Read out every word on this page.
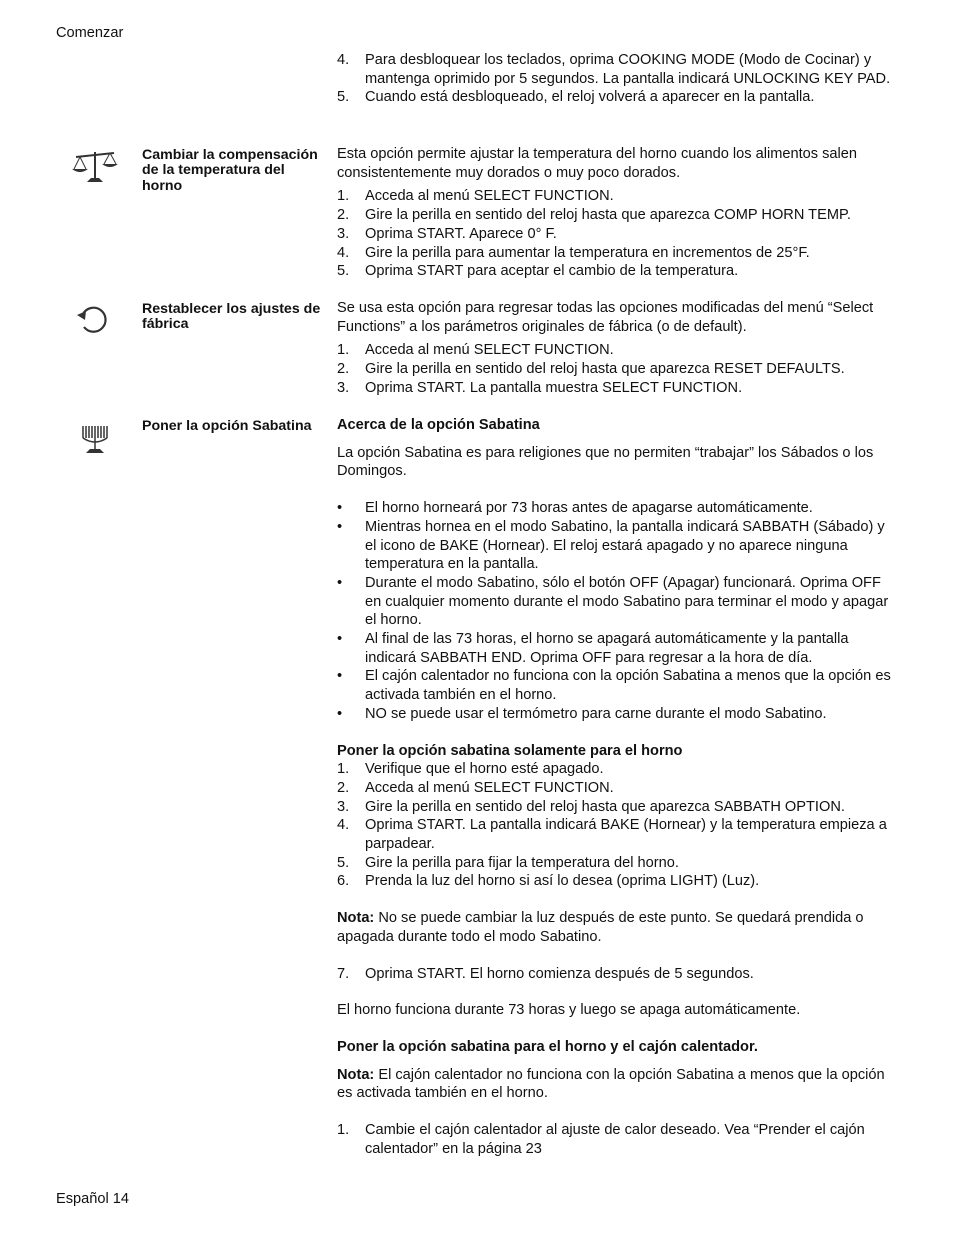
Comenzar
4. Para desbloquear los teclados, oprima COOKING MODE (Modo de Cocinar) y mantenga oprimido por 5 segundos. La pantalla indicará UNLOCKING KEY PAD.
5. Cuando está desbloqueado, el reloj volverá a aparecer en la pantalla.
Cambiar la compensación de la temperatura del horno

Esta opción permite ajustar la temperatura del horno cuando los alimentos salen consistentemente muy dorados o muy poco dorados.

1. Acceda al menú SELECT FUNCTION.
2. Gire la perilla en sentido del reloj hasta que aparezca COMP HORN TEMP.
3. Oprima START. Aparece 0° F.
4. Gire la perilla para aumentar la temperatura en incrementos de 25°F.
5. Oprima START para aceptar el cambio de la temperatura.
Restablecer los ajustes de fábrica

Se usa esta opción para regresar todas las opciones modificadas del menú “Select Functions” a los parámetros originales de fábrica (o de default).

1. Acceda al menú SELECT FUNCTION.
2. Gire la perilla en sentido del reloj hasta que aparezca RESET DEFAULTS.
3. Oprima START. La pantalla muestra SELECT FUNCTION.
Poner la opción Sabatina	Acerca de la opción Sabatina

La opción Sabatina es para religiones que no permiten “trabajar” los Sábados o los Domingos.

• El horno horneará por 73 horas antes de apagarse automáticamente.
• Mientras hornea en el modo Sabatino, la pantalla indicará SABBATH (Sábado) y el icono de BAKE (Hornear). El reloj estará apagado y no aparece ninguna temperatura en la pantalla.
• Durante el modo Sabatino, sólo el botón OFF (Apagar) funcionará. Oprima OFF en cualquier momento durante el modo Sabatino para terminar el modo y apagar el horno.
• Al final de las 73 horas, el horno se apagará automáticamente y la pantalla indicará SABBATH END. Oprima OFF para regresar a la hora de día.
• El cajón calentador no funciona con la opción Sabatina a menos que la opción es activada también en el horno.
• NO se puede usar el termómetro para carne durante el modo Sabatino.

Poner la opción sabatina solamente para el horno

1. Verifique que el horno esté apagado.
2. Acceda al menú SELECT FUNCTION.
3. Gire la perilla en sentido del reloj hasta que aparezca SABBATH OPTION.
4. Oprima START. La pantalla indicará BAKE (Hornear) y la temperatura empieza a parpadear.
5. Gire la perilla para fijar la temperatura del horno.
6. Prenda la luz del horno si así lo desea (oprima LIGHT) (Luz).

Nota: No se puede cambiar la luz después de este punto. Se quedará prendida o apagada durante todo el modo Sabatino.

7. Oprima START. El horno comienza después de 5 segundos.

El horno funciona durante 73 horas y luego se apaga automáticamente.

Poner la opción sabatina para el horno y el cajón calentador.

Nota: El cajón calentador no funciona con la opción Sabatina a menos que la opción es activada también en el horno.

1. Cambie el cajón calentador al ajuste de calor deseado. Vea “Prender el cajón calentador” en la página 23
Español 14
